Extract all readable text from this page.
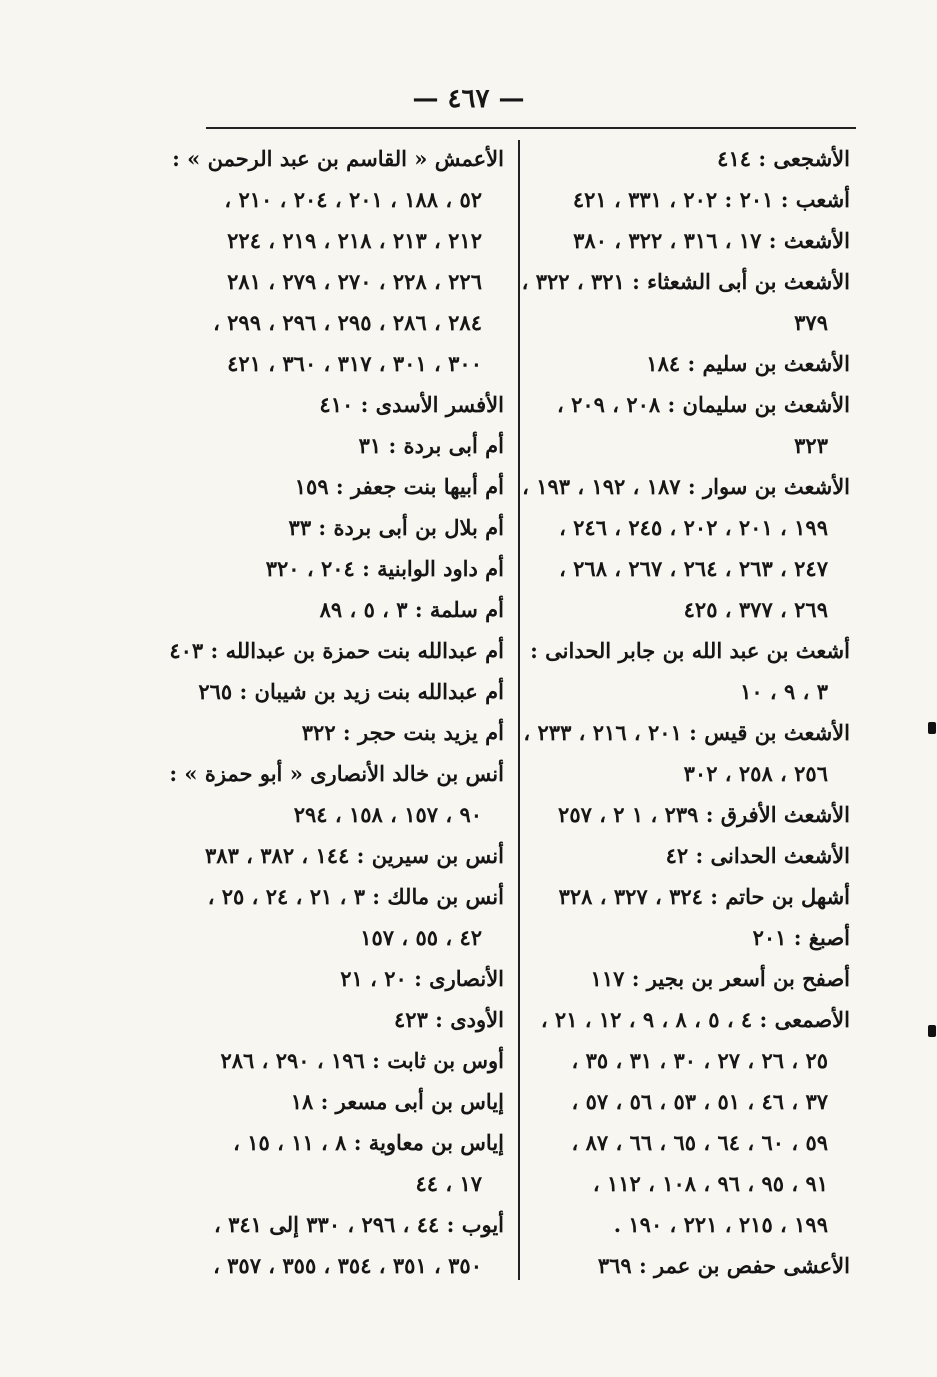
— ٤٦٧ —
الأشجعى : ٤١٤
أشعب : ٢٠١ : ٢٠٢ ، ٣٣١ ، ٤٢١
الأشعث : ١٧ ، ٣١٦ ، ٣٢٢ ، ٣٨٠
الأشعث بن أبى الشعثاء : ٣٢١ ، ٣٢٢ ،
٣٧٩
الأشعث بن سليم : ١٨٤
الأشعث بن سليمان : ٢٠٨ ، ٢٠٩ ،
٣٢٣
الأشعث بن سوار : ١٨٧ ، ١٩٢ ، ١٩٣ ،
١٩٩ ، ٢٠١ ، ٢٠٢ ، ٢٤٥ ، ٢٤٦ ،
٢٤٧ ، ٢٦٣ ، ٢٦٤ ، ٢٦٧ ، ٢٦٨ ،
٢٦٩ ، ٣٧٧ ، ٤٢٥
أشعث بن عبد الله بن جابر الحدانى :
٣ ، ٩ ، ١٠
الأشعث بن قيس : ٢٠١ ، ٢١٦ ، ٢٣٣ ،
٢٥٦ ، ٢٥٨ ، ٣٠٢
الأشعث الأفرق : ٢٣٩ ، ١ ٢ ، ٢٥٧
الأشعث الحدانى : ٤٢
أشهل بن حاتم : ٣٢٤ ، ٣٢٧ ، ٣٢٨
أصبغ : ٢٠١
أصفح بن أسعر بن بجير : ١١٧
الأصمعى : ٤ ، ٥ ، ٨ ، ٩ ، ١٢ ، ٢١ ،
٢٥ ، ٢٦ ، ٢٧ ، ٣٠ ، ٣١ ، ٣٥ ،
٣٧ ، ٤٦ ، ٥١ ، ٥٣ ، ٥٦ ، ٥٧ ،
٥٩ ، ٦٠ ، ٦٤ ، ٦٥ ، ٦٦ ، ٨٧ ،
٩١ ، ٩٥ ، ٩٦ ، ١٠٨ ، ١١٢ ،
١٩٩ ، ٢١٥ ، ٢٢١ ، ١٩٠ .
الأعشى حفص بن عمر : ٣٦٩
الأعمش « القاسم بن عبد الرحمن » :
٥٢ ، ١٨٨ ، ٢٠١ ، ٢٠٤ ، ٢١٠ ،
٢١٢ ، ٢١٣ ، ٢١٨ ، ٢١٩ ، ٢٢٤
٢٢٦ ، ٢٢٨ ، ٢٧٠ ، ٢٧٩ ، ٢٨١
٢٨٤ ، ٢٨٦ ، ٢٩٥ ، ٢٩٦ ، ٢٩٩ ،
٣٠٠ ، ٣٠١ ، ٣١٧ ، ٣٦٠ ، ٤٢١
الأفسر الأسدى : ٤١٠
أم أبى بردة : ٣١
أم أبيها بنت جعفر : ١٥٩
أم بلال بن أبى بردة : ٣٣
أم داود الوابنية : ٢٠٤ ، ٣٢٠
أم سلمة : ٣ ، ٥ ، ٨٩
أم عبدالله بنت حمزة بن عبدالله : ٤٠٣
أم عبدالله بنت زيد بن شيبان : ٢٦٥
أم يزيد بنت حجر : ٣٢٢
أنس بن خالد الأنصارى « أبو حمزة » :
٩٠ ، ١٥٧ ، ١٥٨ ، ٢٩٤
أنس بن سيرين : ١٤٤ ، ٣٨٢ ، ٣٨٣
أنس بن مالك : ٣ ، ٢١ ، ٢٤ ، ٢٥ ،
٤٢ ، ٥٥ ، ١٥٧
الأنصارى : ٢٠ ، ٢١
الأودى : ٤٢٣
أوس بن ثابت : ١٩٦ ، ٢٩٠ ، ٢٨٦
إياس بن أبى مسعر : ١٨
إياس بن معاوية : ٨ ، ١١ ، ١٥ ،
١٧ ، ٤٤
أيوب : ٤٤ ، ٢٩٦ ، ٣٣٠ إلى ٣٤١ ،
٣٥٠ ، ٣٥١ ، ٣٥٤ ، ٣٥٥ ، ٣٥٧ ،
